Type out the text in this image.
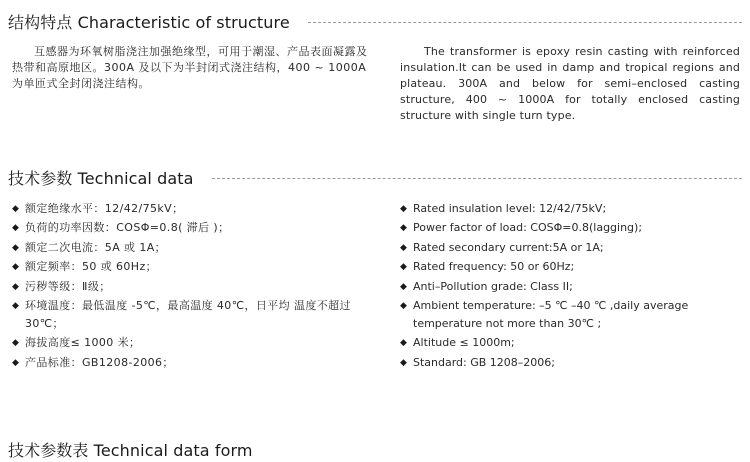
结构特点 Characteristic of structure

互感器为环氧树脂浇注加强绝缘型，可用于潮湿、产品表面凝露及热带和高原地区。300A 及以下为半封闭式浇注结构，400 ~ 1000A 为单匝式全封闭浇注结构。

The transformer is epoxy resin casting with reinforced insulation.It can be used in damp and tropical regions and plateau. 300A and below for semi–enclosed casting structure, 400 ~ 1000A for totally enclosed casting structure with single turn type.

技术参数 Technical data
◆ 额定绝缘水平：12/42/75kV；
◆ 负荷的功率因数：COSΦ=0.8( 滞后 )；
◆ 额定二次电流：5A 或 1A；
◆ 额定频率：50 或 60Hz；
◆ 污秽等级：Ⅱ级；
◆ 环境温度：最低温度 -5℃，最高温度 40℃，日平均 温度不超过 30℃；
◆ 海拔高度≤ 1000 米；
◆ 产品标准：GB1208-2006；
◆ Rated insulation level: 12/42/75kV;
◆ Power factor of load: COSΦ=0.8(lagging);
◆ Rated secondary current:5A or 1A;
◆ Rated frequency: 50 or 60Hz;
◆ Anti–Pollution grade: Class II;
◆ Ambient temperature: –5 ℃ –40 ℃ ,daily average temperature not more than 30℃ ;
◆ Altitude ≤ 1000m;
◆ Standard: GB 1208–2006;
技术参数表 Technical data form
